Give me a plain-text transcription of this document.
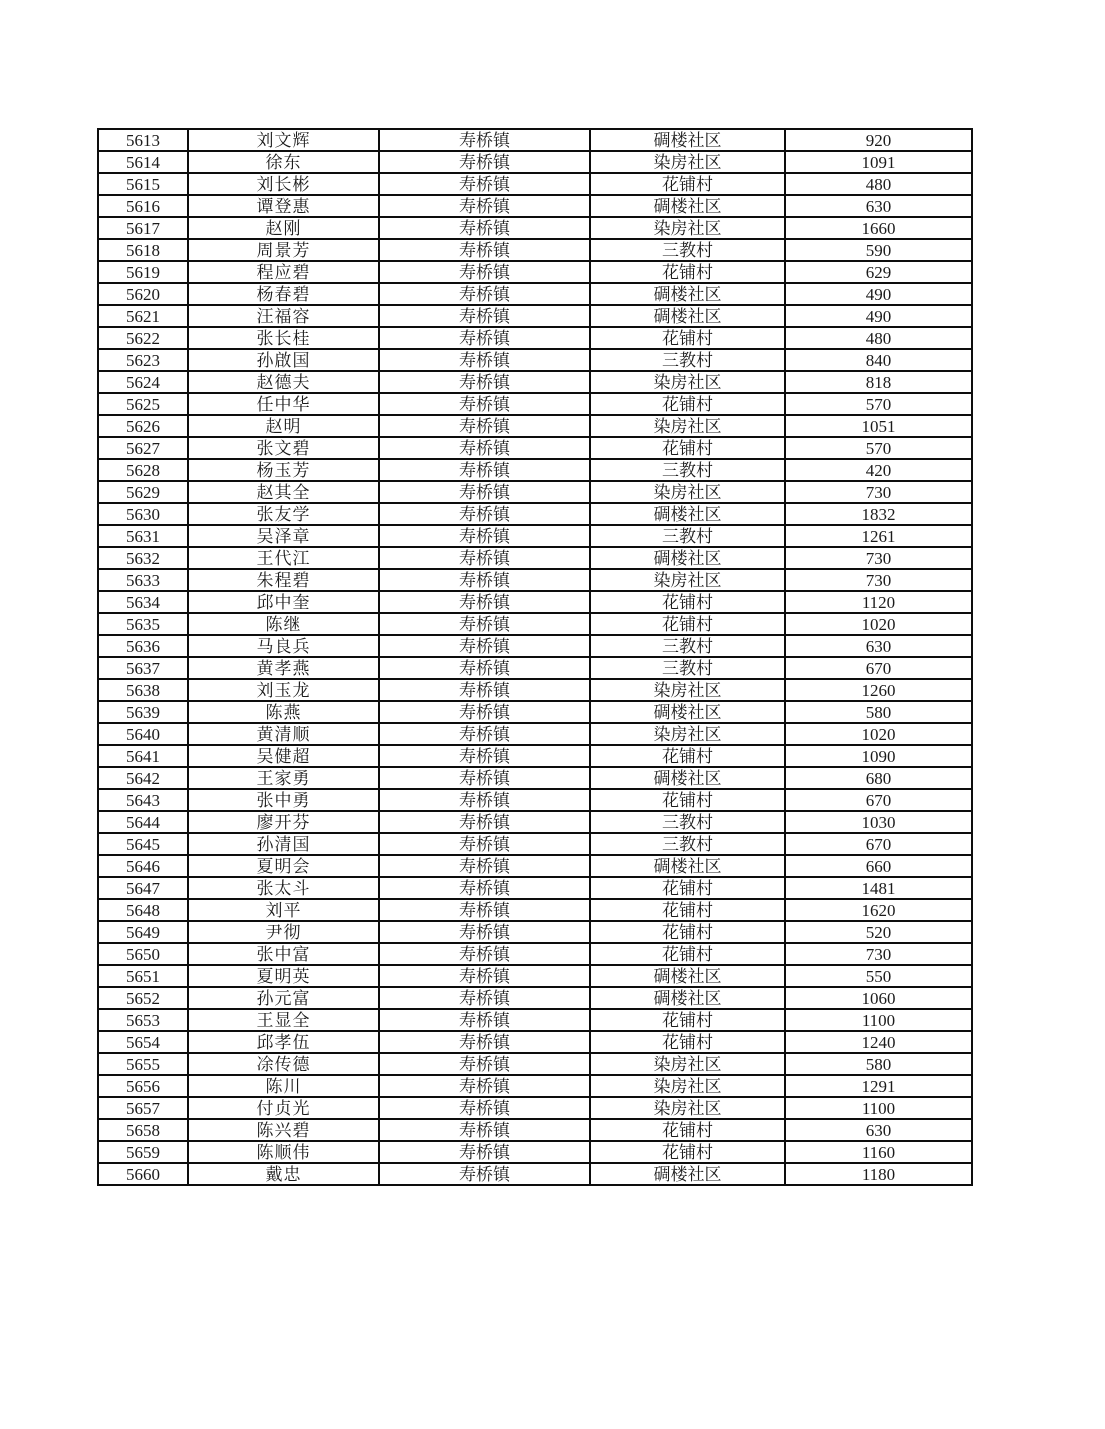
5613	刘文辉	寿桥镇	碉楼社区	920
5614	徐东	寿桥镇	染房社区	1091
5615	刘长彬	寿桥镇	花铺村	480
5616	谭登惠	寿桥镇	碉楼社区	630
5617	赵刚	寿桥镇	染房社区	1660
5618	周景芳	寿桥镇	三教村	590
5619	程应碧	寿桥镇	花铺村	629
5620	杨春碧	寿桥镇	碉楼社区	490
5621	汪福容	寿桥镇	碉楼社区	490
5622	张长桂	寿桥镇	花铺村	480
5623	孙啟国	寿桥镇	三教村	840
5624	赵德夫	寿桥镇	染房社区	818
5625	任中华	寿桥镇	花铺村	570
5626	赵明	寿桥镇	染房社区	1051
5627	张文碧	寿桥镇	花铺村	570
5628	杨玉芳	寿桥镇	三教村	420
5629	赵其全	寿桥镇	染房社区	730
5630	张友学	寿桥镇	碉楼社区	1832
5631	吴泽章	寿桥镇	三教村	1261
5632	王代江	寿桥镇	碉楼社区	730
5633	朱程碧	寿桥镇	染房社区	730
5634	邱中奎	寿桥镇	花铺村	1120
5635	陈继	寿桥镇	花铺村	1020
5636	马良兵	寿桥镇	三教村	630
5637	黄孝燕	寿桥镇	三教村	670
5638	刘玉龙	寿桥镇	染房社区	1260
5639	陈燕	寿桥镇	碉楼社区	580
5640	黄清顺	寿桥镇	染房社区	1020
5641	吴健超	寿桥镇	花铺村	1090
5642	王家勇	寿桥镇	碉楼社区	680
5643	张中勇	寿桥镇	花铺村	670
5644	廖开芬	寿桥镇	三教村	1030
5645	孙清国	寿桥镇	三教村	670
5646	夏明会	寿桥镇	碉楼社区	660
5647	张太斗	寿桥镇	花铺村	1481
5648	刘平	寿桥镇	花铺村	1620
5649	尹彻	寿桥镇	花铺村	520
5650	张中富	寿桥镇	花铺村	730
5651	夏明英	寿桥镇	碉楼社区	550
5652	孙元富	寿桥镇	碉楼社区	1060
5653	王显全	寿桥镇	花铺村	1100
5654	邱孝伍	寿桥镇	花铺村	1240
5655	凃传德	寿桥镇	染房社区	580
5656	陈川	寿桥镇	染房社区	1291
5657	付贞光	寿桥镇	染房社区	1100
5658	陈兴碧	寿桥镇	花铺村	630
5659	陈顺伟	寿桥镇	花铺村	1160
5660	戴忠	寿桥镇	碉楼社区	1180
